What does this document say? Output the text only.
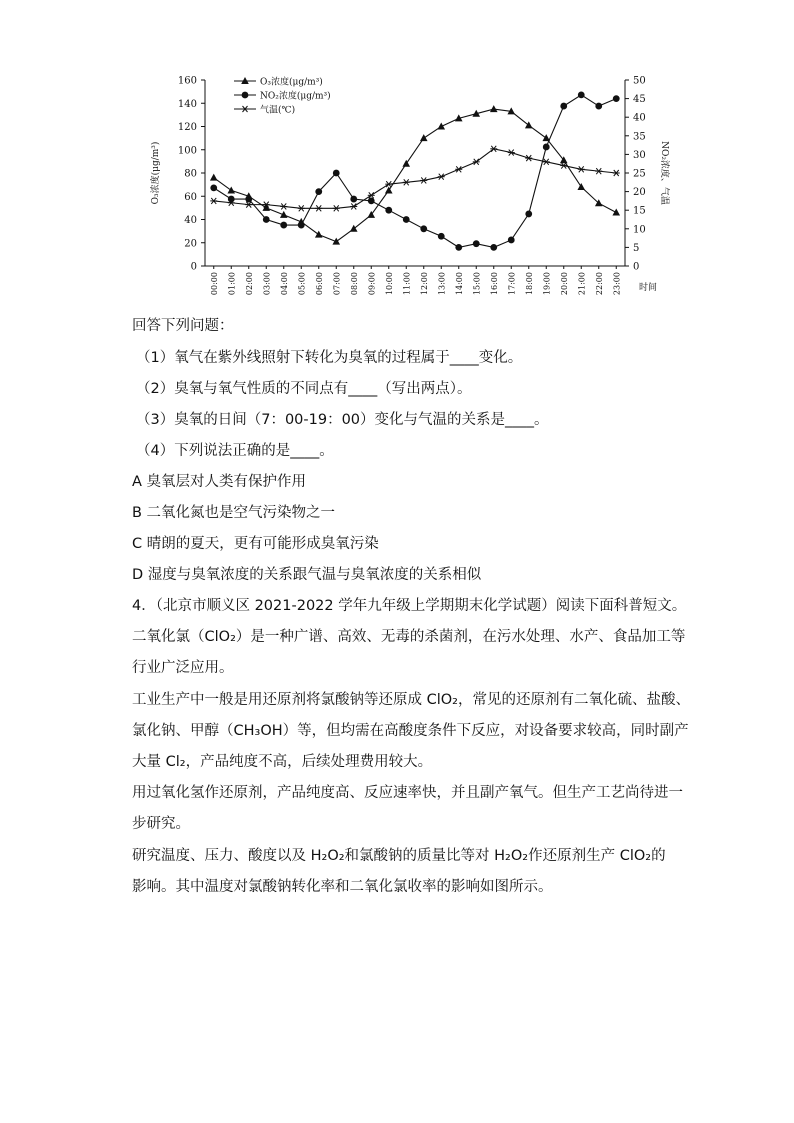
0
20
40
60
80
100
120
140
160
0
5
10
15
20
25
30
35
40
45
50
00:00 01:00 02:00 03:00 04:00 05:00 06:00 07:00 08:00 09:00 10:00 11:00 12:00 13:00 14:00 15:00 16:00 17:00 18:00 19:00 20:00 21:00 22:00 23:00 时间
O₃浓度(μg/m³)	NO₂浓度、气温
O₃浓度(μg/m³)
NO₂浓度(μg/m³)
气温(℃)
回答下列问题：
（1）氧气在紫外线照射下转化为臭氧的过程属于____变化。
（2）臭氧与氧气性质的不同点有____（写出两点）。
（3）臭氧的日间（7：00-19：00）变化与气温的关系是____。
（4）下列说法正确的是____。
A 臭氧层对人类有保护作用
B 二氧化氮也是空气污染物之一
C 晴朗的夏天，更有可能形成臭氧污染
D 湿度与臭氧浓度的关系跟气温与臭氧浓度的关系相似
4．（北京市顺义区 2021-2022 学年九年级上学期期末化学试题）阅读下面科普短文。
二氧化氯（ClO₂）是一种广谱、高效、无毒的杀菌剂，在污水处理、水产、食品加工等
行业广泛应用。
工业生产中一般是用还原剂将氯酸钠等还原成 ClO₂，常见的还原剂有二氧化硫、盐酸、
氯化钠、甲醇（CH₃OH）等，但均需在高酸度条件下反应，对设备要求较高，同时副产
大量 Cl₂，产品纯度不高，后续处理费用较大。
用过氧化氢作还原剂，产品纯度高、反应速率快，并且副产氧气。但生产工艺尚待进一
步研究。
研究温度、压力、酸度以及 H₂O₂和氯酸钠的质量比等对 H₂O₂作还原剂生产 ClO₂的
影响。其中温度对氯酸钠转化率和二氧化氯收率的影响如图所示。
